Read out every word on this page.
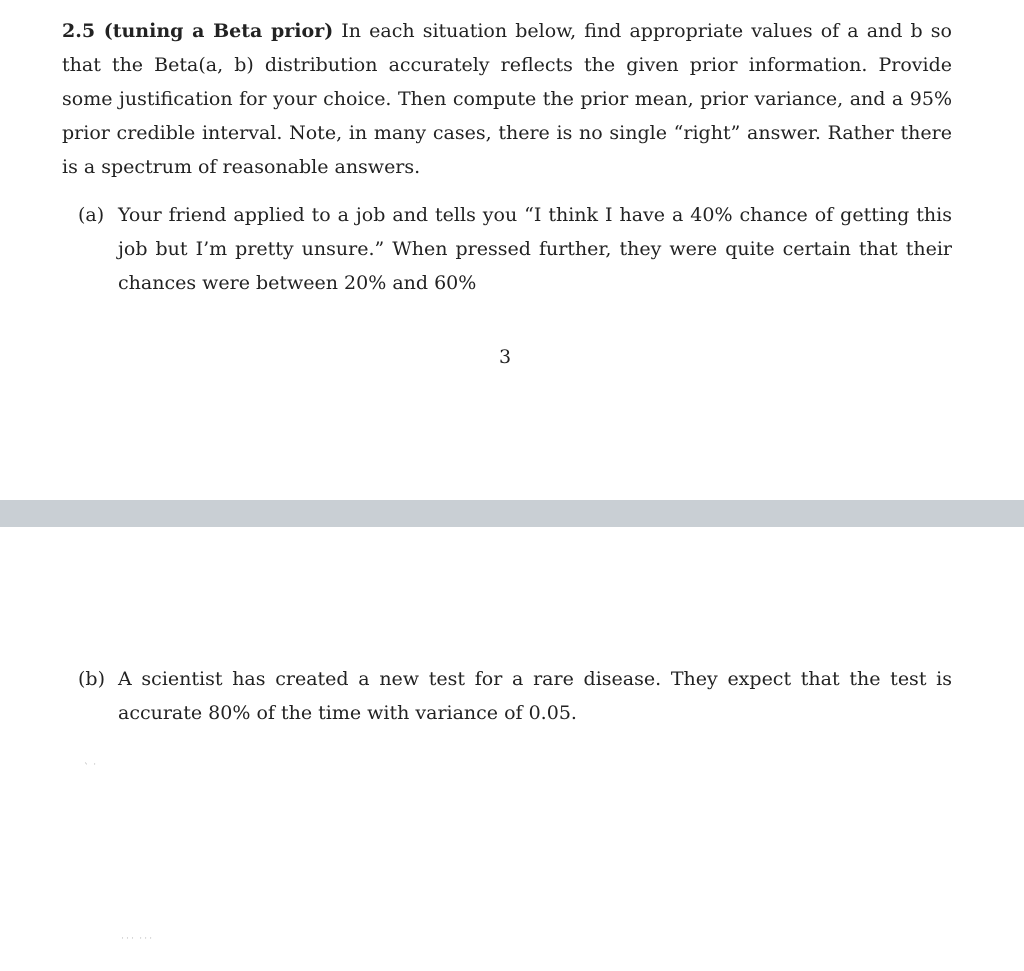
2.5 (tuning a Beta prior) In each situation below, find appropriate values of a and b so that the Beta(a, b) distribution accurately reflects the given prior information. Provide some justification for your choice. Then compute the prior mean, prior variance, and a 95% prior credible interval. Note, in many cases, there is no single “right” answer. Rather there is a spectrum of reasonable answers.

(a) Your friend applied to a job and tells you “I think I have a 40% chance of getting this job but I’m pretty unsure.” When pressed further, they were quite certain that their chances were between 20% and 60%
3
(b) A scientist has created a new test for a rare disease. They expect that the test is accurate 80% of the time with variance of 0.05.
ˋ ˙
˙˙˙ ˙˙˙
